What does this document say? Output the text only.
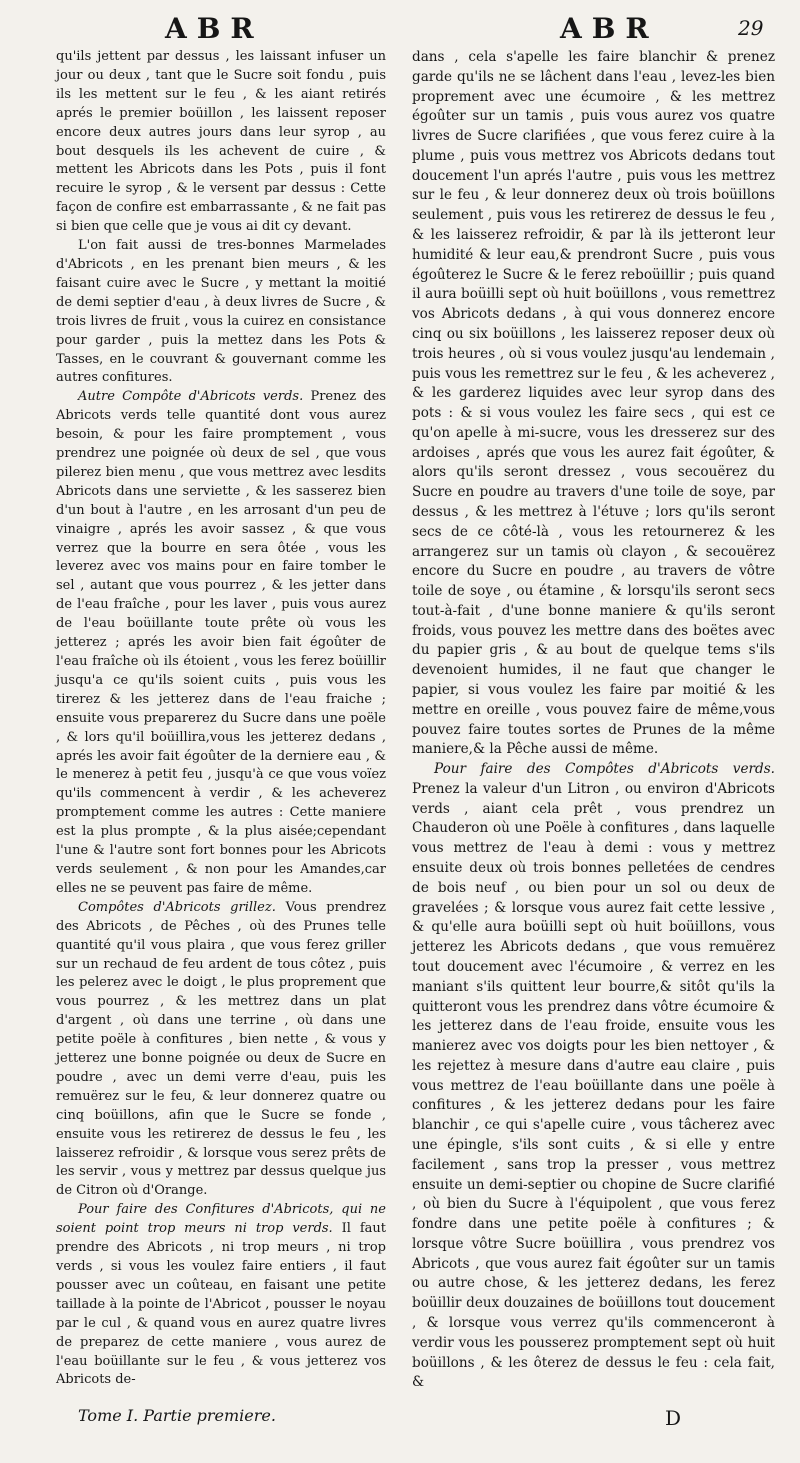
ABR	ABR	29

qu'ils jettent par dessus , les laissant infuser un jour ou deux , tant que le Sucre soit fondu , puis ils les mettent sur le feu , & les aiant retirés aprés le premier boüillon , les laissent reposer encore deux autres jours dans leur syrop , au bout desquels ils les achevent de cuire , & mettent les Abricots dans les Pots , puis il font recuire le syrop , & le versent par dessus : Cette façon de confire est embarrassante , & ne fait pas si bien que celle que je vous ai dit cy devant.

L'on fait aussi de tres-bonnes Marmelades d'Abricots , en les prenant bien meurs , & les faisant cuire avec le Sucre , y mettant la moitié de demi septier d'eau , à deux livres de Sucre , & trois livres de fruit , vous la cuirez en consistance pour garder , puis la mettez dans les Pots & Tasses, en le couvrant & gouvernant comme les autres confitures.

Autre Compôte d'Abricots verds. Prenez des Abricots verds telle quantité dont vous aurez besoin, & pour les faire promptement , vous prendrez une poignée où deux de sel , que vous pilerez bien menu , que vous mettrez avec lesdits Abricots dans une serviette , & les sasserez bien d'un bout à l'autre , en les arrosant d'un peu de vinaigre , aprés les avoir sassez , & que vous verrez que la bourre en sera ôtée , vous les leverez avec vos mains pour en faire tomber le sel , autant que vous pourrez , & les jetter dans de l'eau fraîche , pour les laver , puis vous aurez de l'eau boüillante toute prête où vous les jetterez ; aprés les avoir bien fait égoûter de l'eau fraîche où ils étoient , vous les ferez boüillir jusqu'a ce qu'ils soient cuits , puis vous les tirerez & les jetterez dans de l'eau fraiche ; ensuite vous preparerez du Sucre dans une poële , & lors qu'il boüillira,vous les jetterez dedans , aprés les avoir fait égoûter de la derniere eau , & le menerez à petit feu , jusqu'à ce que vous voïez qu'ils commencent à verdir , & les acheverez promptement comme les autres : Cette maniere est la plus prompte , & la plus aisée;cependant l'une & l'autre sont fort bonnes pour les Abricots verds seulement , & non pour les Amandes,car elles ne se peuvent pas faire de même.

Compôtes d'Abricots grillez. Vous prendrez des Abricots , de Pêches , où des Prunes telle quantité qu'il vous plaira , que vous ferez griller sur un rechaud de feu ardent de tous côtez , puis les pelerez avec le doigt , le plus proprement que vous pourrez , & les mettrez dans un plat d'argent , où dans une terrine , où dans une petite poële à confitures , bien nette , & vous y jetterez une bonne poignée ou deux de Sucre en poudre , avec un demi verre d'eau, puis les remuërez sur le feu, & leur donnerez quatre ou cinq boüillons, afin que le Sucre se fonde , ensuite vous les retirerez de dessus le feu , les laisserez refroidir , & lorsque vous serez prêts de les servir , vous y mettrez par dessus quelque jus de Citron où d'Orange.

Pour faire des Confitures d'Abricots, qui ne soient point trop meurs ni trop verds. Il faut prendre des Abricots , ni trop meurs , ni trop verds , si vous les voulez faire entiers , il faut pousser avec un coûteau, en faisant une petite taillade à la pointe de l'Abricot , pousser le noyau par le cul , & quand vous en aurez quatre livres de preparez de cette maniere , vous aurez de l'eau boüillante sur le feu , & vous jetterez vos Abricots de-

dans , cela s'apelle les faire blanchir & prenez garde qu'ils ne se lâchent dans l'eau , levez-les bien proprement avec une écumoire , & les mettrez égoûter sur un tamis , puis vous aurez vos quatre livres de Sucre clarifiées , que vous ferez cuire à la plume , puis vous mettrez vos Abricots dedans tout doucement l'un aprés l'autre , puis vous les mettrez sur le feu , & leur donnerez deux où trois boüillons seulement , puis vous les retirerez de dessus le feu , & les laisserez refroidir, & par là ils jetteront leur humidité & leur eau,& prendront Sucre , puis vous égoûterez le Sucre & le ferez reboüillir ; puis quand il aura boüilli sept où huit boüillons , vous remettrez vos Abricots dedans , à qui vous donnerez encore cinq ou six boüillons , les laisserez reposer deux où trois heures , où si vous voulez jusqu'au lendemain , puis vous les remettrez sur le feu , & les acheverez , & les garderez liquides avec leur syrop dans des pots : & si vous voulez les faire secs , qui est ce qu'on apelle à mi-sucre, vous les dresserez sur des ardoises , aprés que vous les aurez fait égoûter, & alors qu'ils seront dressez , vous secouërez du Sucre en poudre au travers d'une toile de soye, par dessus , & les mettrez à l'étuve ; lors qu'ils seront secs de ce côté-là , vous les retournerez & les arrangerez sur un tamis où clayon , & secouërez encore du Sucre en poudre , au travers de vôtre toile de soye , ou étamine , & lorsqu'ils seront secs tout-à-fait , d'une bonne maniere & qu'ils seront froids, vous pouvez les mettre dans des boëtes avec du papier gris , & au bout de quelque tems s'ils devenoient humides, il ne faut que changer le papier, si vous voulez les faire par moitié & les mettre en oreille , vous pouvez faire de même,vous pouvez faire toutes sortes de Prunes de la même maniere,& la Pêche aussi de même.

Pour faire des Compôtes d'Abricots verds. Prenez la valeur d'un Litron , ou environ d'Abricots verds , aiant cela prêt , vous prendrez un Chauderon où une Poële à confitures , dans laquelle vous mettrez de l'eau à demi : vous y mettrez ensuite deux où trois bonnes pelletées de cendres de bois neuf , ou bien pour un sol ou deux de gravelées ; & lorsque vous aurez fait cette lessive , & qu'elle aura boüilli sept où huit boüillons, vous jetterez les Abricots dedans , que vous remuërez tout doucement avec l'écumoire , & verrez en les maniant s'ils quittent leur bourre,& sitôt qu'ils la quitteront vous les prendrez dans vôtre écumoire & les jetterez dans de l'eau froide, ensuite vous les manierez avec vos doigts pour les bien nettoyer , & les rejettez à mesure dans d'autre eau claire , puis vous mettrez de l'eau boüillante dans une poële à confitures , & les jetterez dedans pour les faire blanchir , ce qui s'apelle cuire , vous tâcherez avec une épingle, s'ils sont cuits , & si elle y entre facilement , sans trop la presser , vous mettrez ensuite un demi-septier ou chopine de Sucre clarifié , où bien du Sucre à l'équipolent , que vous ferez fondre dans une petite poële à confitures ; & lorsque vôtre Sucre boüillira , vous prendrez vos Abricots , que vous aurez fait égoûter sur un tamis ou autre chose, & les jetterez dedans, les ferez boüillir deux douzaines de boüillons tout doucement , & lorsque vous verrez qu'ils commenceront à verdir vous les pousserez promptement sept où huit boüillons , & les ôterez de dessus le feu : cela fait, &

Tome I. Partie premiere.	D
